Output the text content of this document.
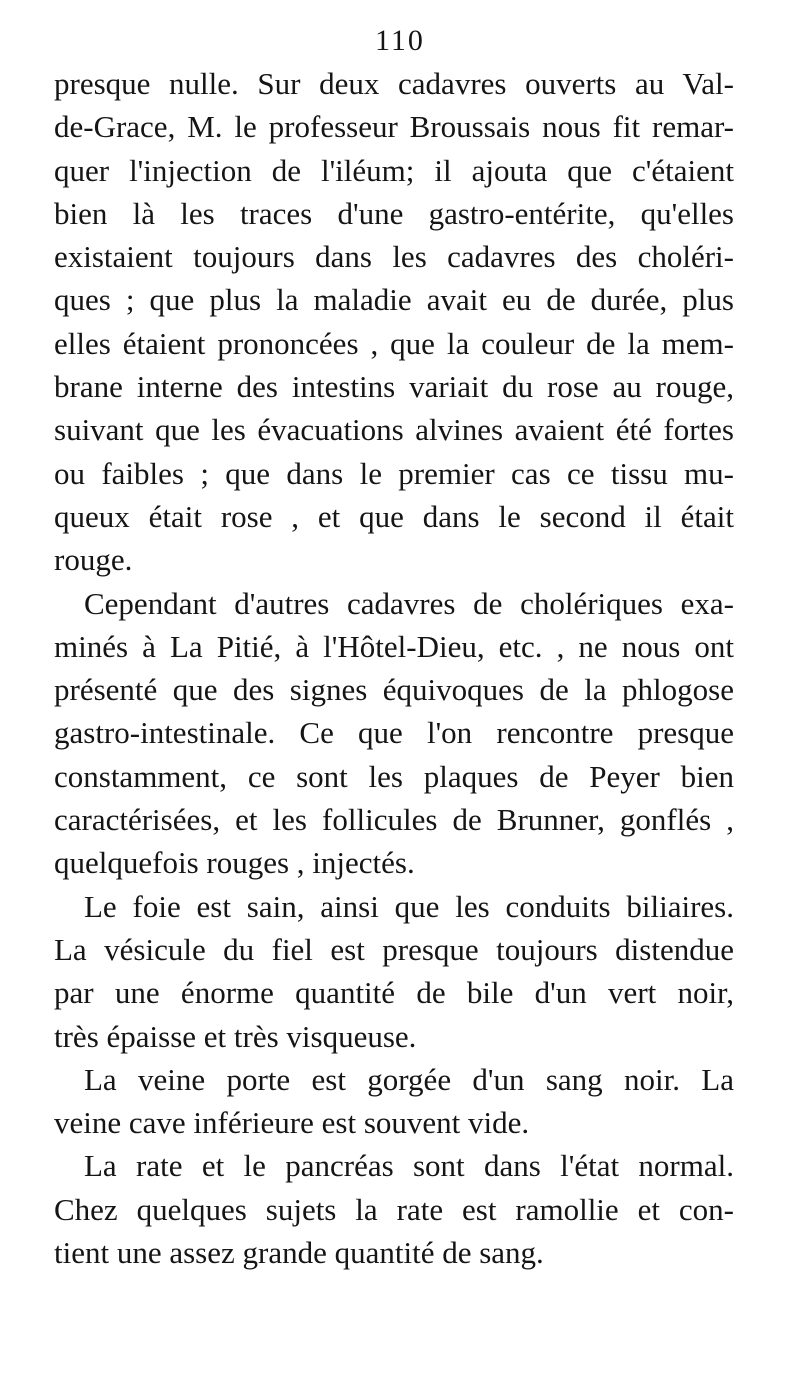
110
presque nulle. Sur deux cadavres ouverts au Val-
de-Grace, M. le professeur Broussais nous fit remar-
quer l'injection de l'iléum; il ajouta que c'étaient
bien là les traces d'une gastro-entérite, qu'elles
existaient toujours dans les cadavres des choléri-
ques ; que plus la maladie avait eu de durée, plus
elles étaient prononcées , que la couleur de la mem-
brane interne des intestins variait du rose au rouge,
suivant que les évacuations alvines avaient été fortes
ou faibles ; que dans le premier cas ce tissu mu-
queux était rose , et que dans le second il était
rouge.
Cependant d'autres cadavres de cholériques exa-
minés à La Pitié, à l'Hôtel-Dieu, etc. , ne nous ont
présenté que des signes équivoques de la phlogose
gastro-intestinale. Ce que l'on rencontre presque
constamment, ce sont les plaques de Peyer bien
caractérisées, et les follicules de Brunner, gonflés ,
quelquefois rouges , injectés.
Le foie est sain, ainsi que les conduits biliaires.
La vésicule du fiel est presque toujours distendue
par une énorme quantité de bile d'un vert noir,
très épaisse et très visqueuse.
La veine porte est gorgée d'un sang noir. La
veine cave inférieure est souvent vide.
La rate et le pancréas sont dans l'état normal.
Chez quelques sujets la rate est ramollie et con-
tient une assez grande quantité de sang.
